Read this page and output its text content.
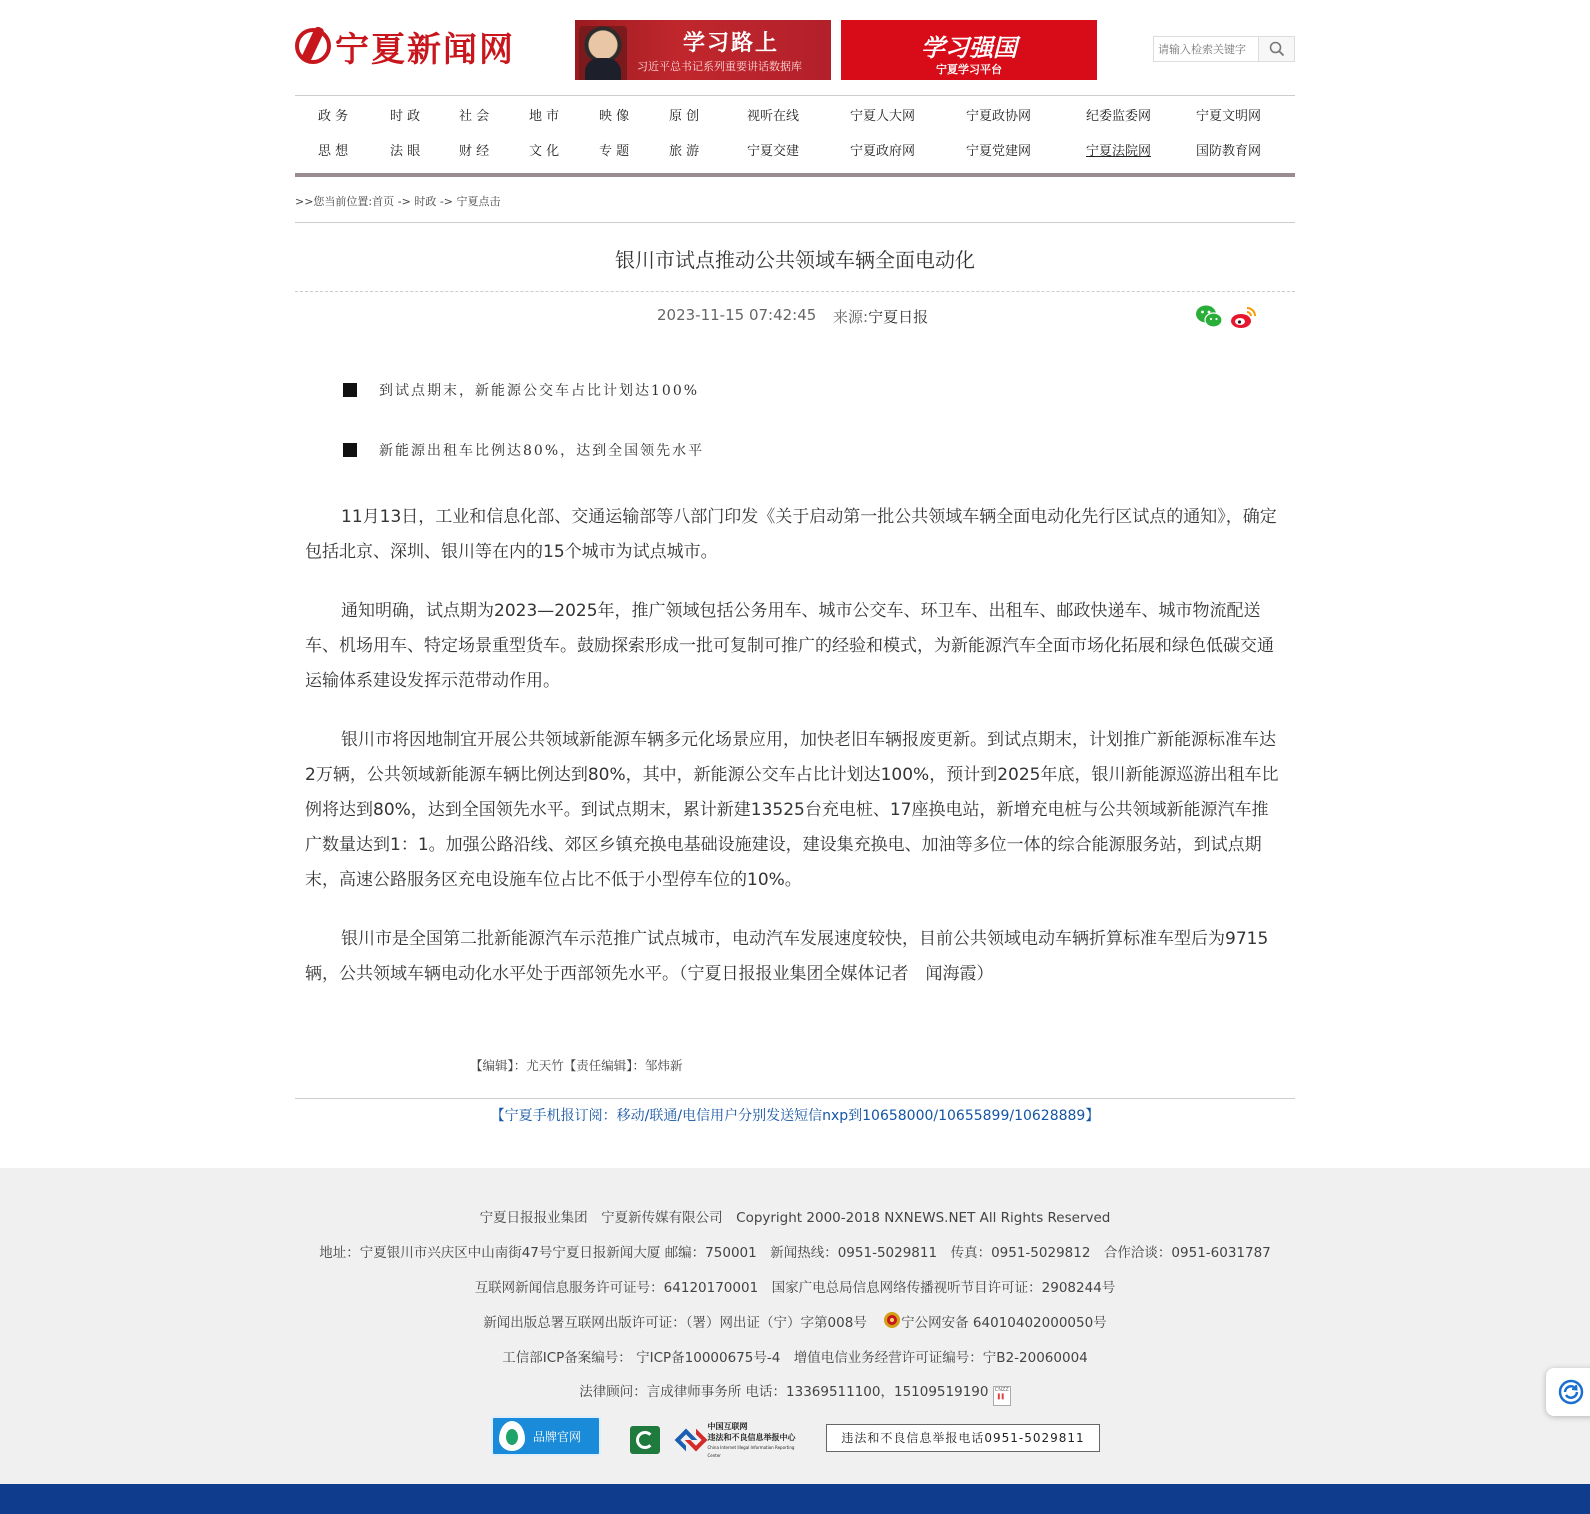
宁夏新闻网	学习路上
习近平总书记系列重要讲话数据库
学习强国
宁夏学习平台
请输入检索关键字
政 务	时 政	社 会	地 市	映 像	原 创	视听在线	宁夏人大网	宁夏政协网	纪委监委网	宁夏文明网
思 想	法 眼	财 经	文 化	专 题	旅 游	宁夏交建	宁夏政府网	宁夏党建网	宁夏法院网	国防教育网
>>您当前位置:首页 -> 时政 -> 宁夏点击
银川市试点推动公共领域车辆全面电动化
2023-11-15 07:42:45 来源:宁夏日报
到试点期末，新能源公交车占比计划达100%
新能源出租车比例达80%，达到全国领先水平

11月13日，工业和信息化部、交通运输部等八部门印发《关于启动第一批公共领域车辆全面电动化先行区试点的通知》，确定包括北京、深圳、银川等在内的15个城市为试点城市。

通知明确，试点期为2023—2025年，推广领域包括公务用车、城市公交车、环卫车、出租车、邮政快递车、城市物流配送车、机场用车、特定场景重型货车。鼓励探索形成一批可复制可推广的经验和模式，为新能源汽车全面市场化拓展和绿色低碳交通运输体系建设发挥示范带动作用。

银川市将因地制宜开展公共领域新能源车辆多元化场景应用，加快老旧车辆报废更新。到试点期末，计划推广新能源标准车达2万辆，公共领域新能源车辆比例达到80%，其中，新能源公交车占比计划达100%，预计到2025年底，银川新能源巡游出租车比例将达到80%，达到全国领先水平。到试点期末，累计新建13525台充电桩、17座换电站，新增充电桩与公共领域新能源汽车推广数量达到1：1。加强公路沿线、郊区乡镇充换电基础设施建设，建设集充换电、加油等多位一体的综合能源服务站，到试点期末，高速公路服务区充电设施车位占比不低于小型停车位的10%。

银川市是全国第二批新能源汽车示范推广试点城市，电动汽车发展速度较快，目前公共领域电动车辆折算标准车型后为9715辆，公共领域车辆电动化水平处于西部领先水平。（宁夏日报报业集团全媒体记者　闻海霞）

【编辑】：尤天竹【责任编辑】：邹炜新
【宁夏手机报订阅：移动/联通/电信用户分别发送短信nxp到10658000/10655899/10628889】
宁夏日报报业集团　宁夏新传媒有限公司　Copyright 2000-2018 NXNEWS.NET All Rights Reserved
地址：宁夏银川市兴庆区中山南街47号宁夏日报新闻大厦 邮编：750001　新闻热线：0951-5029811　传真：0951-5029812　合作洽谈：0951-6031787
互联网新闻信息服务许可证号：64120170001　国家广电总局信息网络传播视听节目许可证：2908244号
新闻出版总署互联网出版许可证：（署）网出证（宁）字第008号	宁公网安备 64010402000050号
工信部ICP备案编号： 宁ICP备10000675号-4　增值电信业务经营许可证编号：宁B2-20060004
法律顾问：言成律师事务所 电话：13369511100，15109519190 CNZZ
▌▌
品牌官网
中国互联网
违法和不良信息举报中心
China Internet Illegal Information Reporting Center
违法和不良信息举报电话0951-5029811
